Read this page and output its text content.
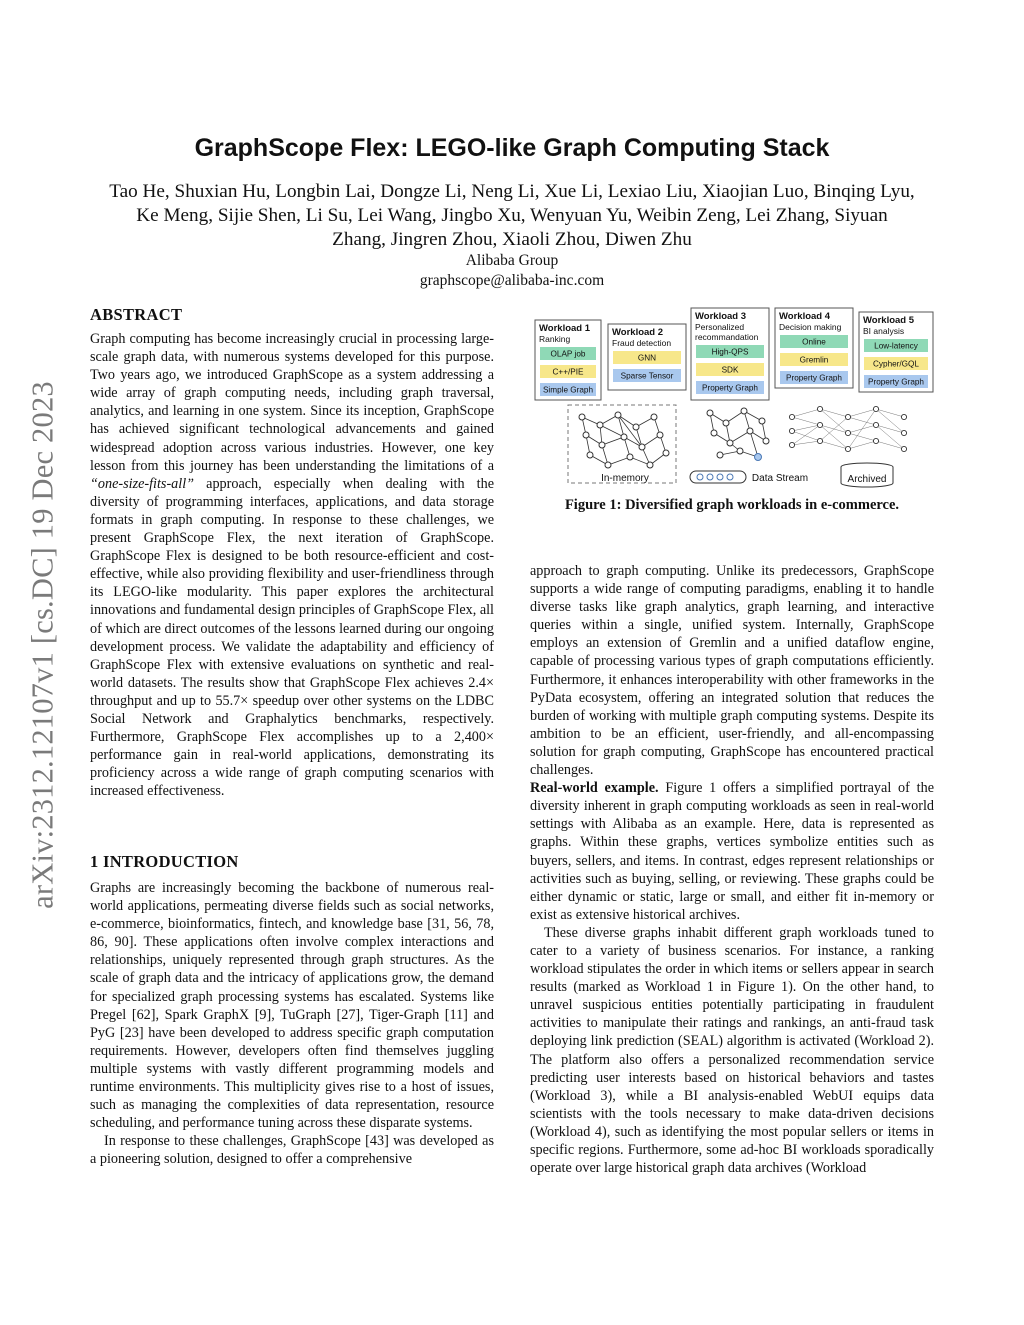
arXiv:2312.12107v1 [cs.DC] 19 Dec 2023
GraphScope Flex: LEGO-like Graph Computing Stack
Tao He, Shuxian Hu, Longbin Lai, Dongze Li, Neng Li, Xue Li, Lexiao Liu, Xiaojian Luo, Binqing Lyu,
Ke Meng, Sijie Shen, Li Su, Lei Wang, Jingbo Xu, Wenyuan Yu, Weibin Zeng, Lei Zhang, Siyuan
Zhang, Jingren Zhou, Xiaoli Zhou, Diwen Zhu
Alibaba Group
graphscope@alibaba-inc.com
ABSTRACT

Graph computing has become increasingly crucial in processing large-scale graph data, with numerous systems developed for this purpose. Two years ago, we introduced GraphScope as a system addressing a wide array of graph computing needs, including graph traversal, analytics, and learning in one system. Since its inception, GraphScope has achieved significant technological advancements and gained widespread adoption across various industries. However, one key lesson from this journey has been understanding the limitations of a “one-size-fits-all” approach, especially when dealing with the diversity of programming interfaces, applications, and data storage formats in graph computing. In response to these challenges, we present GraphScope Flex, the next iteration of GraphScope. GraphScope Flex is designed to be both resource-efficient and cost-effective, while also providing flexibility and user-friendliness through its LEGO-like modularity. This paper explores the architectural innovations and fundamental design principles of GraphScope Flex, all of which are direct outcomes of the lessons learned during our ongoing development process. We validate the adaptability and efficiency of GraphScope Flex with extensive evaluations on synthetic and real-world datasets. The results show that GraphScope Flex achieves 2.4× throughput and up to 55.7× speedup over other systems on the LDBC Social Network and Graphalytics benchmarks, respectively. Furthermore, GraphScope Flex accomplishes up to a 2,400× performance gain in real-world applications, demonstrating its proficiency across a wide range of graph computing scenarios with increased effectiveness.

1 INTRODUCTION

Graphs are increasingly becoming the backbone of numerous real-world applications, permeating diverse fields such as social networks, e-commerce, bioinformatics, fintech, and knowledge base [31, 56, 78, 86, 90]. These applications often involve complex interactions and relationships, uniquely represented through graph structures. As the scale of graph data and the intricacy of applications grow, the demand for specialized graph processing systems has escalated. Systems like Pregel [62], Spark GraphX [9], TuGraph [27], Tiger-Graph [11] and PyG [23] have been developed to address specific graph computation requirements. However, developers often find themselves juggling multiple systems with vastly different programming models and runtime environments. This multiplicity gives rise to a host of issues, such as managing the complexities of data representation, resource scheduling, and performance tuning across these disparate systems.

In response to these challenges, GraphScope [43] was developed as a pioneering solution, designed to offer a comprehensive

Workload 1
Ranking
OLAP job
C++/PIE
Simple Graph
Workload 2
Fraud detection
GNN
Sparse Tensor
Workload 3
Personalized
recommandation
High-QPS
SDK
Property Graph
Workload 4
Decision making
Online
Gremlin
Property Graph
Workload 5
BI analysis
Low-latency
Cypher/GQL
Property Graph
In-memory	Data Stream	Archived
Figure 1: Diversified graph workloads in e-commerce.

approach to graph computing. Unlike its predecessors, GraphScope supports a wide range of computing paradigms, enabling it to handle diverse tasks like graph analytics, graph learning, and interactive queries within a single, unified system. Internally, GraphScope employs an extension of Gremlin and a unified dataflow engine, capable of processing various types of graph computations efficiently. Furthermore, it enhances interoperability with other frameworks in the PyData ecosystem, offering an integrated solution that reduces the burden of working with multiple graph computing systems. Despite its ambition to be an efficient, user-friendly, and all-encompassing solution for graph computing, GraphScope has encountered practical challenges.

Real-world example. Figure 1 offers a simplified portrayal of the diversity inherent in graph computing workloads as seen in real-world settings with Alibaba as an example. Here, data is represented as graphs. Within these graphs, vertices symbolize entities such as buyers, sellers, and items. In contrast, edges represent relationships or activities such as buying, selling, or reviewing. These graphs could be either dynamic or static, large or small, and either fit in-memory or exist as extensive historical archives.

These diverse graphs inhabit different graph workloads tuned to cater to a variety of business scenarios. For instance, a ranking workload stipulates the order in which items or sellers appear in search results (marked as Workload 1 in Figure 1). On the other hand, to unravel suspicious entities potentially participating in fraudulent activities to manipulate their ratings and rankings, an anti-fraud task deploying link prediction (SEAL) algorithm is activated (Workload 2). The platform also offers a personalized recommendation service predicting user interests based on historical behaviors and tastes (Workload 3), while a BI analysis-enabled WebUI equips data scientists with the tools necessary to make data-driven decisions (Workload 4), such as identifying the most popular sellers or items in specific regions. Furthermore, some ad-hoc BI workloads sporadically operate over large historical graph data archives (Workload
